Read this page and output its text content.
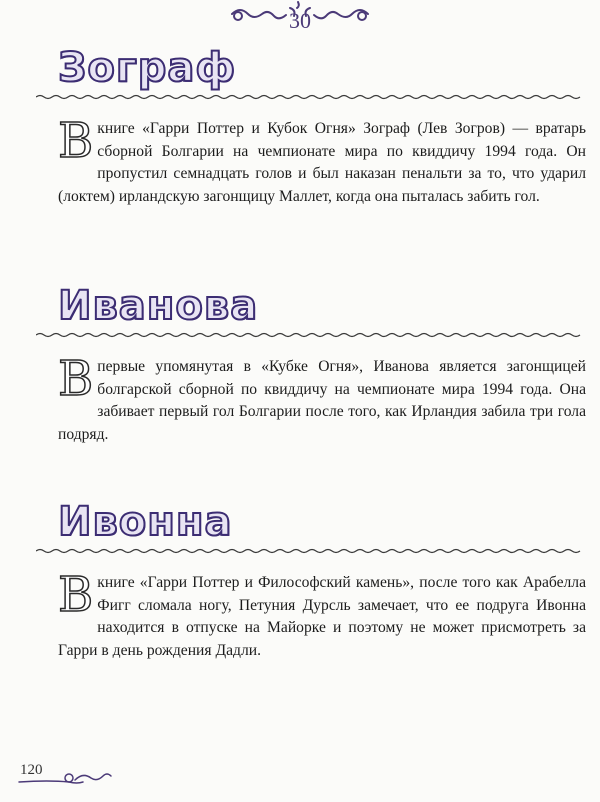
30
Зограф

В книге «Гарри Поттер и Кубок Огня» Зограф (Лев Зогров) — вратарь сборной Болгарии на чемпионате мира по квиддичу 1994 года. Он пропустил семнадцать голов и был наказан пенальти за то, что ударил (локтем) ирландскую загонщицу Маллет, когда она пыталась забить гол.

Иванова

Впервые упомянутая в «Кубке Огня», Иванова является загонщицей болгарской сборной по квиддичу на чемпионате мира 1994 года. Она забивает первый гол Болгарии после того, как Ирландия забила три гола подряд.

Ивонна

В книге «Гарри Поттер и Философский камень», после того как Арабелла Фигг сломала ногу, Петуния Дурсль замечает, что ее подруга Ивонна находится в отпуске на Майорке и поэтому не может присмотреть за Гарри в день рождения Дадли.

120
